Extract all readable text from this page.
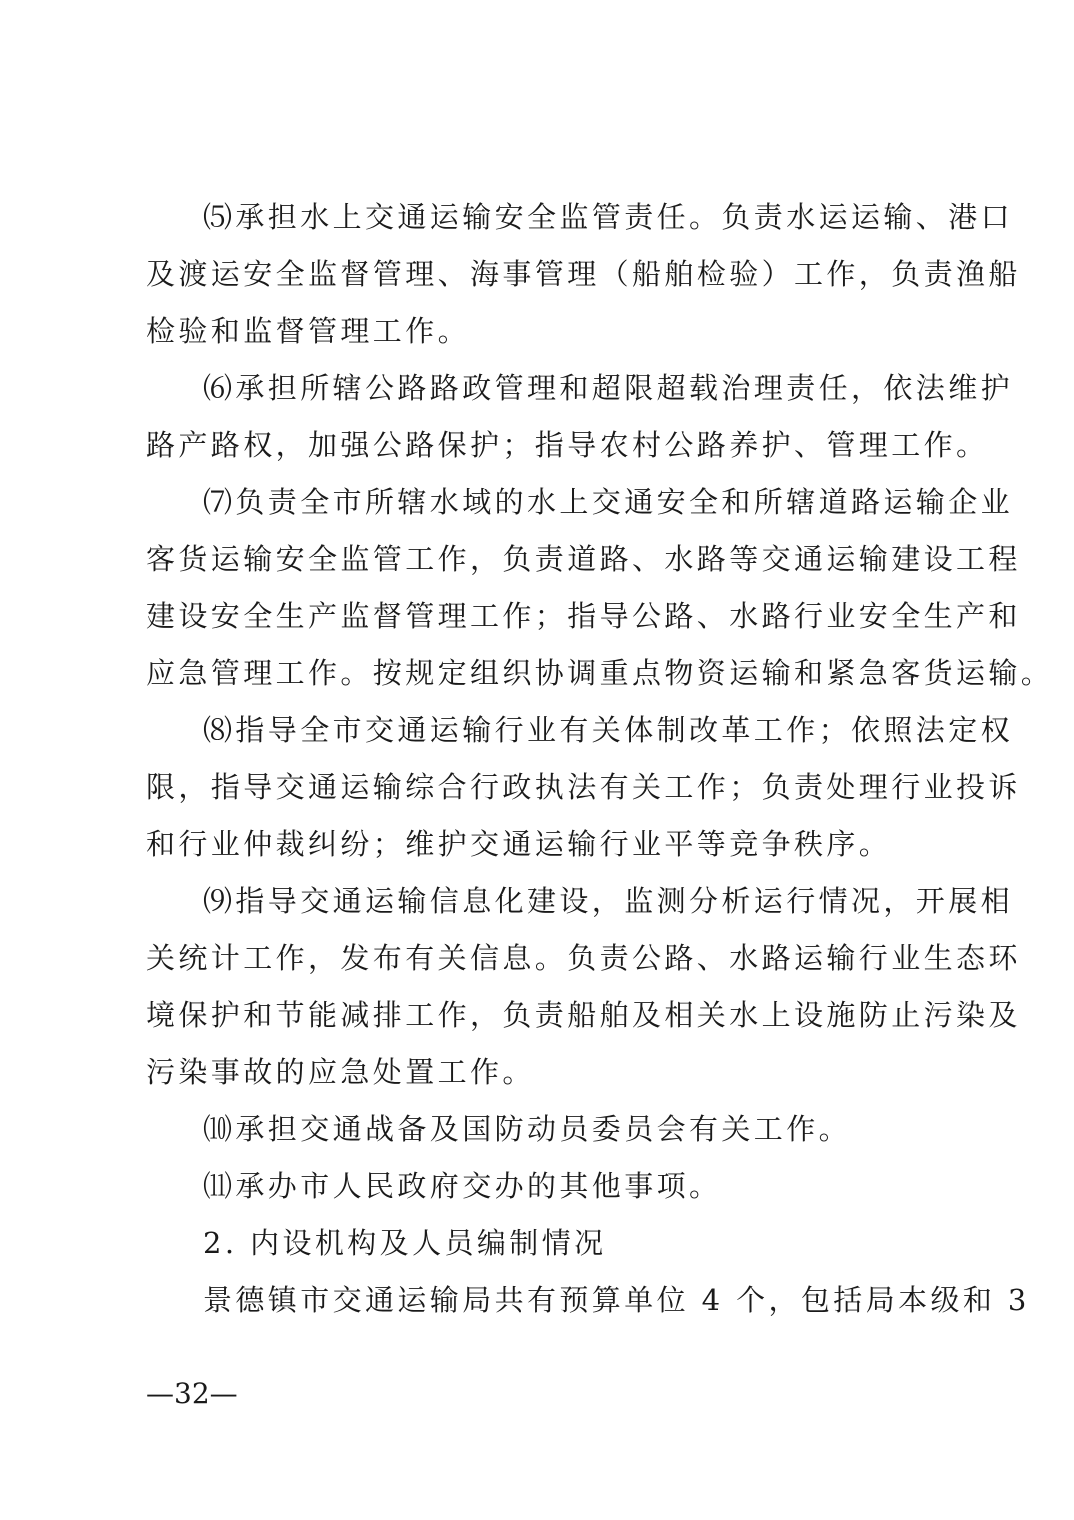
⑸承担水上交通运输安全监管责任。负责水运运输、港口
及渡运安全监督管理、海事管理（船舶检验）工作，负责渔船
检验和监督管理工作。
⑹承担所辖公路路政管理和超限超载治理责任，依法维护
路产路权，加强公路保护；指导农村公路养护、管理工作。
⑺负责全市所辖水域的水上交通安全和所辖道路运输企业
客货运输安全监管工作，负责道路、水路等交通运输建设工程
建设安全生产监督管理工作；指导公路、水路行业安全生产和
应急管理工作。按规定组织协调重点物资运输和紧急客货运输。
⑻指导全市交通运输行业有关体制改革工作；依照法定权
限，指导交通运输综合行政执法有关工作；负责处理行业投诉
和行业仲裁纠纷；维护交通运输行业平等竞争秩序。
⑼指导交通运输信息化建设，监测分析运行情况，开展相
关统计工作，发布有关信息。负责公路、水路运输行业生态环
境保护和节能减排工作，负责船舶及相关水上设施防止污染及
污染事故的应急处置工作。
⑽承担交通战备及国防动员委员会有关工作。
⑾承办市人民政府交办的其他事项。
2. 内设机构及人员编制情况
景德镇市交通运输局共有预算单位 4 个，包括局本级和 3
—32—
